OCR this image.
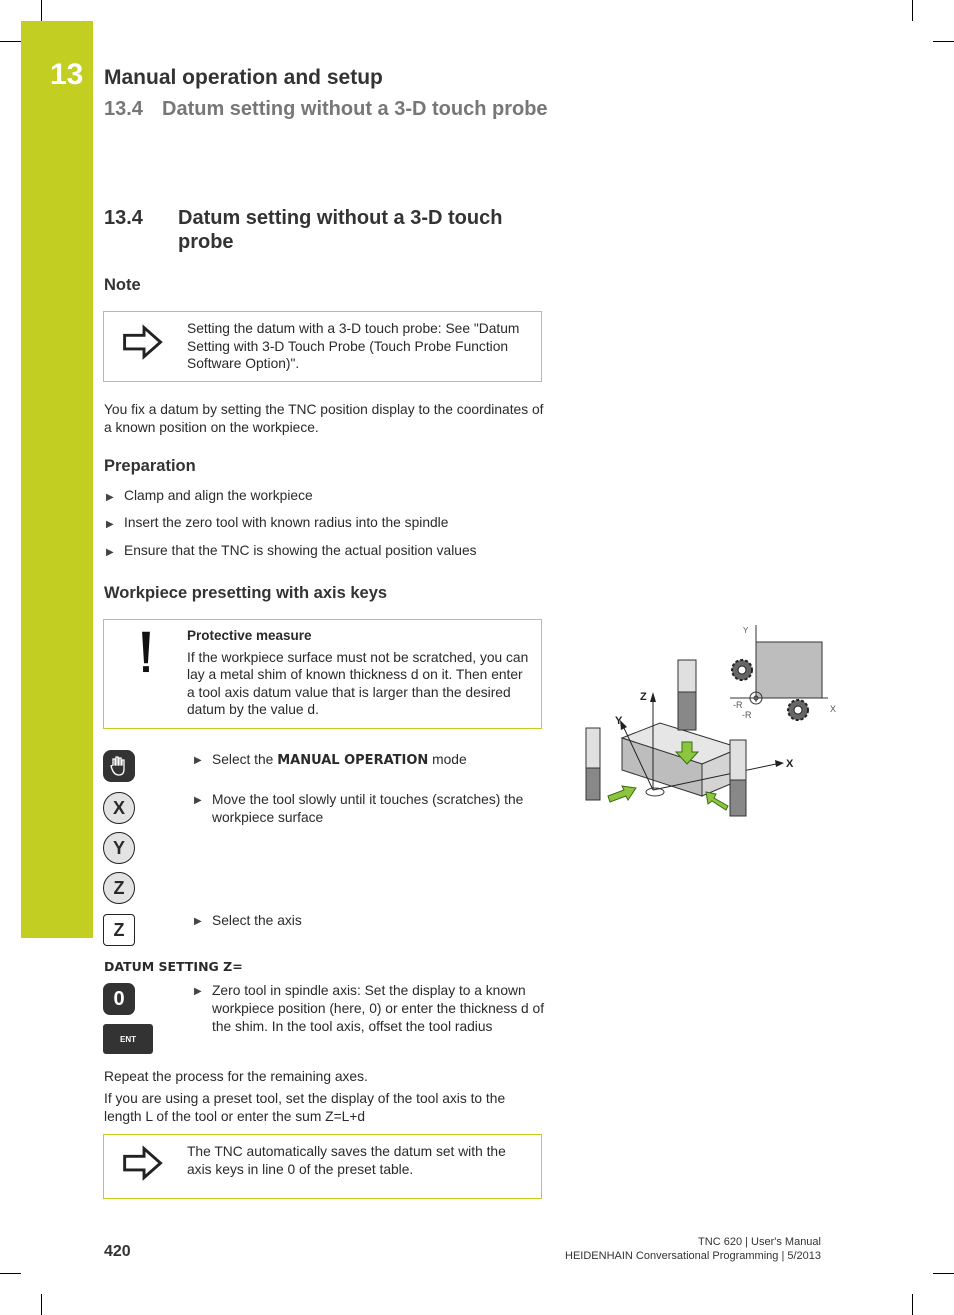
13 Manual operation and setup
13.4 Datum setting without a 3-D touch probe
13.4 Datum setting without a 3-D touch probe
Note
Setting the datum with a 3-D touch probe: See "Datum Setting with 3-D Touch Probe (Touch Probe Function Software Option)".
You fix a datum by setting the TNC position display to the coordinates of a known position on the workpiece.
Preparation
▶ Clamp and align the workpiece
▶ Insert the zero tool with known radius into the spindle
▶ Ensure that the TNC is showing the actual position values
Workpiece presetting with axis keys
Protective measure
If the workpiece surface must not be scratched, you can lay a metal shim of known thickness d on it. Then enter a tool axis datum value that is larger than the desired datum by the value d.
Y
X
-R
-R
Z
Y
X
▶ Select the MANUAL OPERATION mode
X
Y
Z
▶ Move the tool slowly until it touches (scratches) the workpiece surface
Z	▶ Select the axis
DATUM SETTING Z=
0
ENT
▶ Zero tool in spindle axis: Set the display to a known workpiece position (here, 0) or enter the thickness d of the shim. In the tool axis, offset the tool radius
Repeat the process for the remaining axes.
If you are using a preset tool, set the display of the tool axis to the length L of the tool or enter the sum Z=L+d
The TNC automatically saves the datum set with the axis keys in line 0 of the preset table.
420
TNC 620 | User's Manual
HEIDENHAIN Conversational Programming | 5/2013
